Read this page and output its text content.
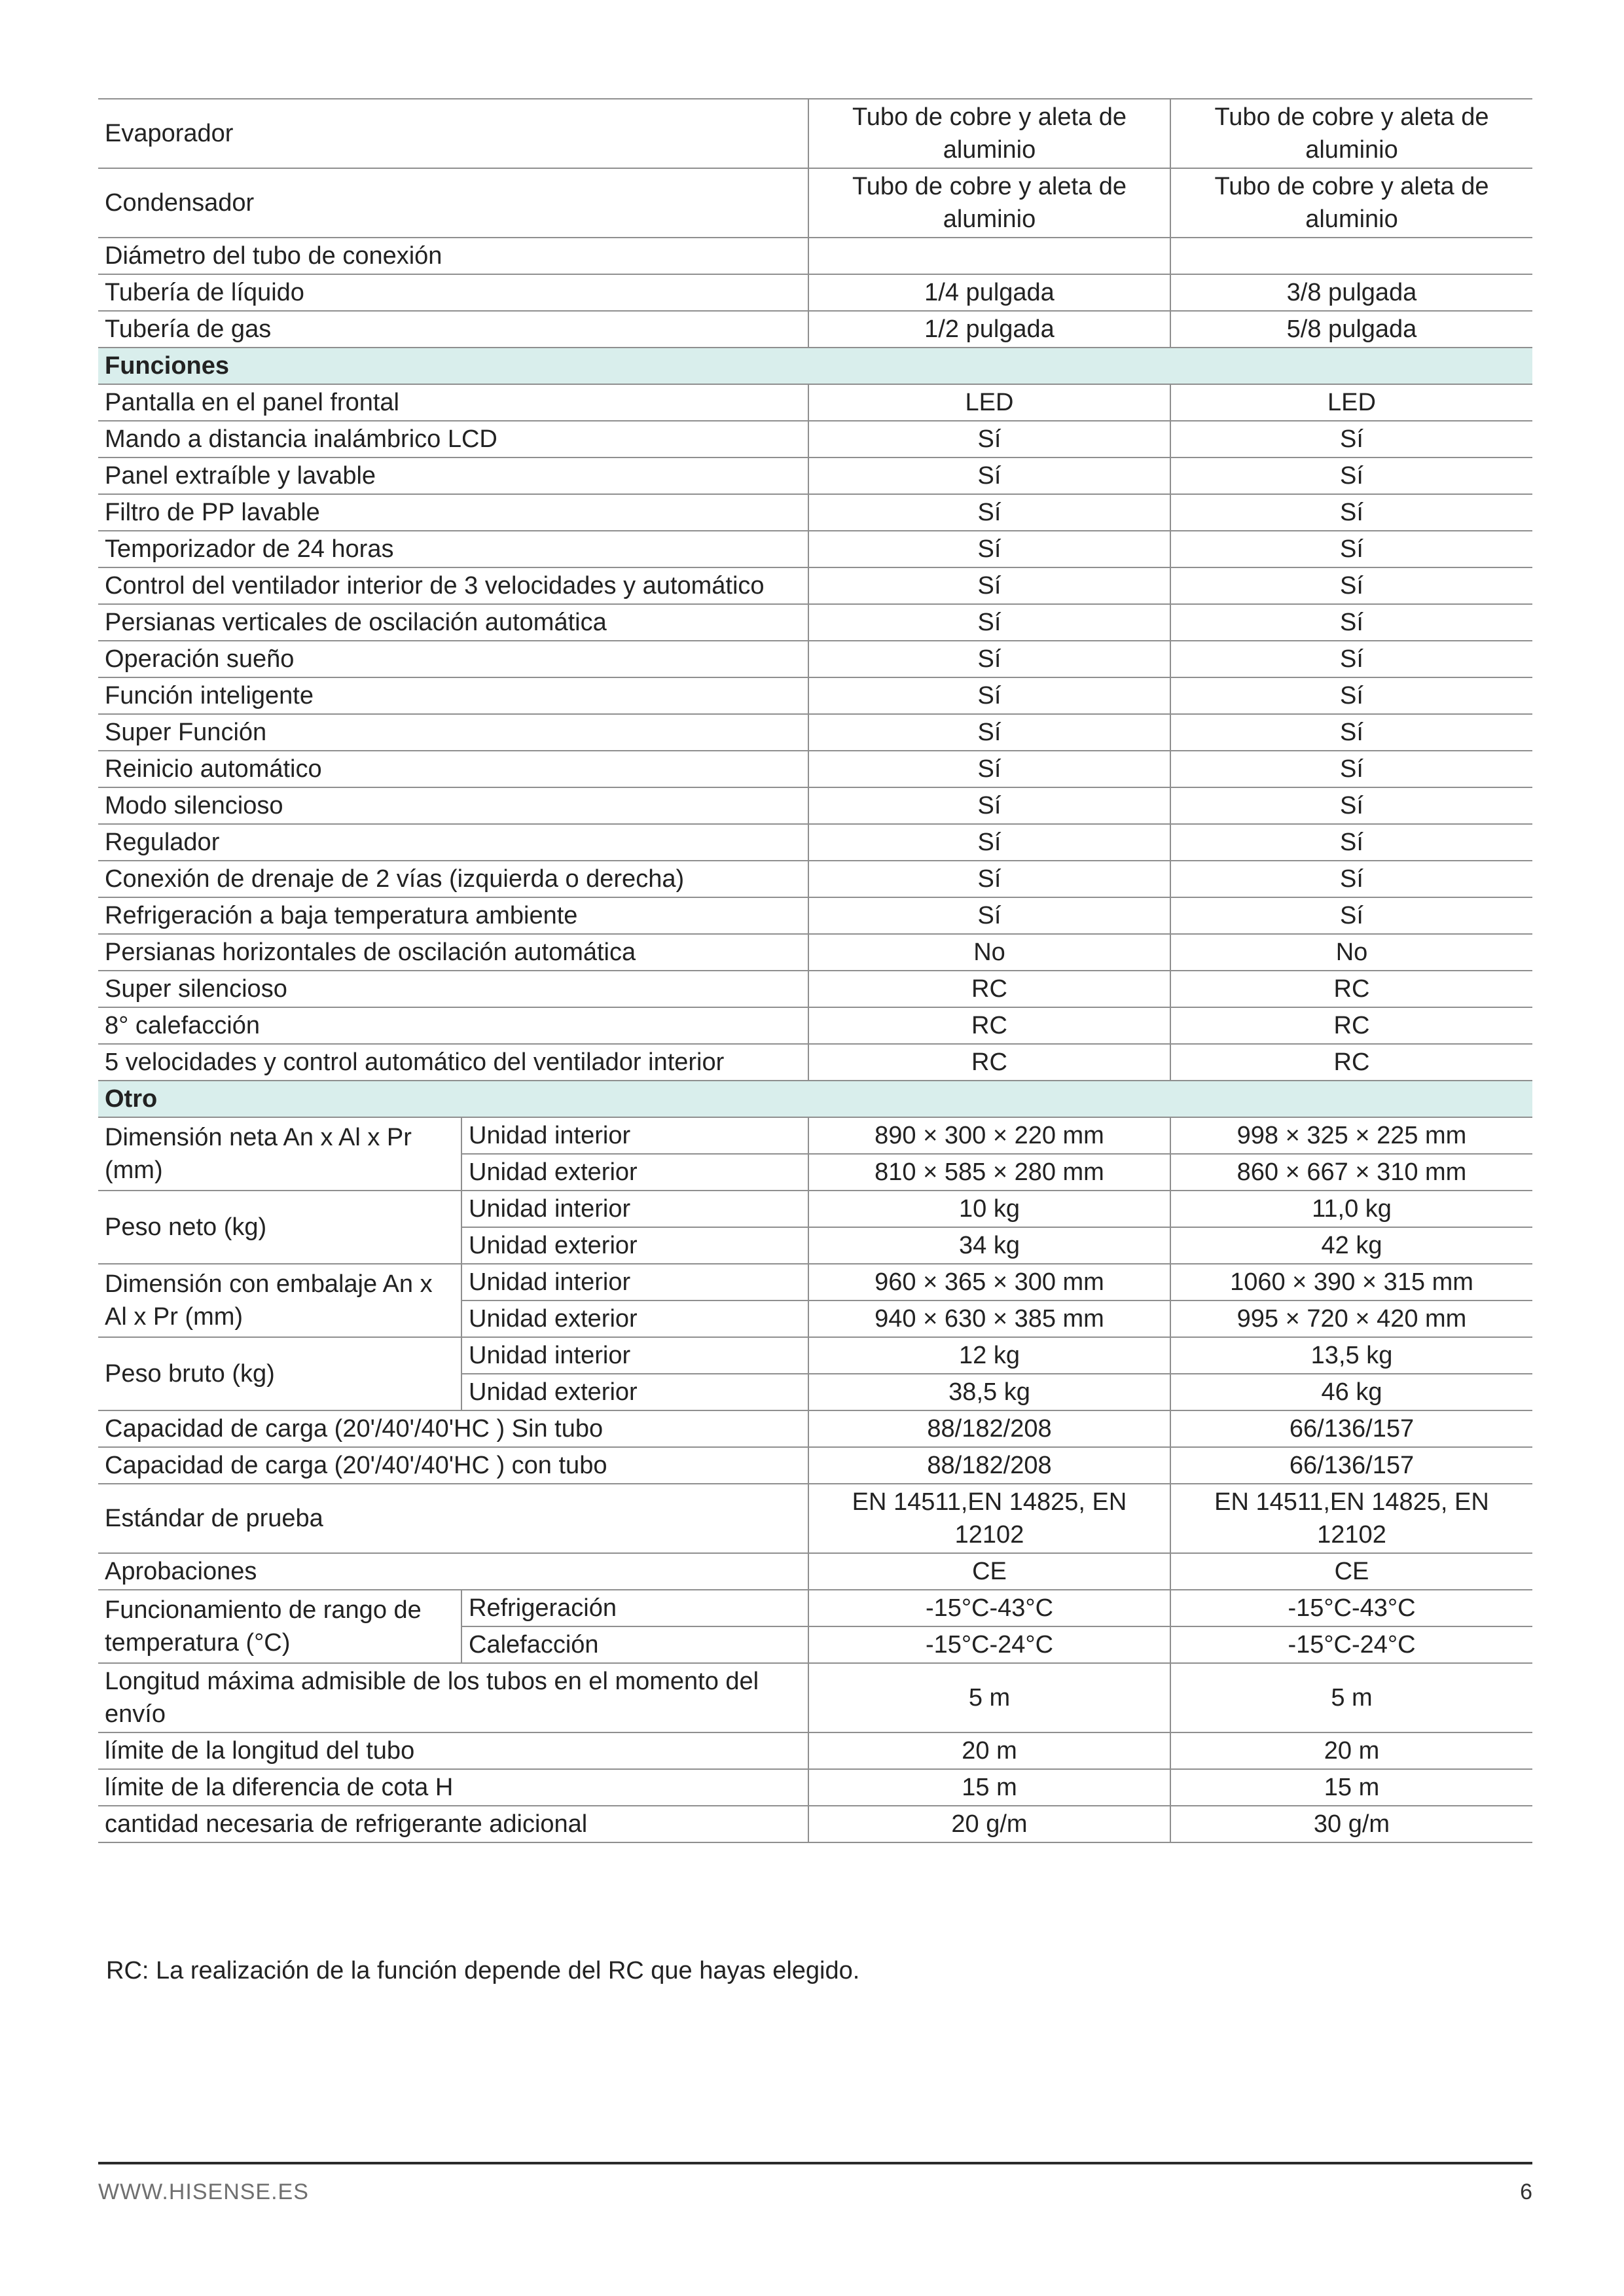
Evaporador		Tubo de cobre y aleta de aluminio	Tubo de cobre y aleta de aluminio
Condensador		Tubo de cobre y aleta de aluminio	Tubo de cobre y aleta de aluminio
Diámetro del tubo de conexión			
Tubería de líquido		1/4 pulgada	3/8 pulgada
Tubería de gas		1/2 pulgada	5/8 pulgada
Funciones			
Pantalla en el panel frontal		LED	LED
Mando a distancia inalámbrico LCD		Sí	Sí
Panel extraíble y lavable		Sí	Sí
Filtro de PP lavable		Sí	Sí
Temporizador de 24 horas		Sí	Sí
Control del ventilador interior de 3 velocidades y automático		Sí	Sí
Persianas verticales de oscilación automática		Sí	Sí
Operación sueño		Sí	Sí
Función inteligente		Sí	Sí
Super Función		Sí	Sí
Reinicio automático		Sí	Sí
Modo silencioso		Sí	Sí
Regulador		Sí	Sí
Conexión de drenaje de 2 vías (izquierda o derecha)		Sí	Sí
Refrigeración a baja temperatura ambiente		Sí	Sí
Persianas horizontales de oscilación automática		No	No
Super silencioso		RC	RC
8° calefacción		RC	RC
5 velocidades y control automático del ventilador interior		RC	RC
Otro			
Dimensión neta An x Al x Pr (mm)	Unidad interior	890 × 300 × 220 mm	998 × 325 × 225 mm
	Unidad exterior	810 × 585 × 280 mm	860 × 667 × 310 mm
Peso neto (kg)	Unidad interior	10 kg	11,0 kg
	Unidad exterior	34 kg	42 kg
Dimensión con embalaje An x Al x Pr (mm)	Unidad interior	960 × 365 × 300 mm	1060 × 390 × 315 mm
	Unidad exterior	940 × 630 × 385 mm	995 × 720 × 420 mm
Peso bruto (kg)	Unidad interior	12 kg	13,5 kg
	Unidad exterior	38,5 kg	46 kg
Capacidad de carga (20'/40'/40'HC ) Sin tubo		88/182/208	66/136/157
Capacidad de carga (20'/40'/40'HC ) con tubo		88/182/208	66/136/157
Estándar de prueba		EN 14511,EN 14825, EN 12102	EN 14511,EN 14825, EN 12102
Aprobaciones		CE	CE
Funcionamiento de rango de temperatura (°C)	Refrigeración	-15°C-43°C	-15°C-43°C
	Calefacción	-15°C-24°C	-15°C-24°C
Longitud máxima admisible de los tubos en el momento del envío		5 m	5 m
límite de la longitud del tubo		20 m	20 m
límite de la diferencia de cota H		15 m	15 m
cantidad necesaria de refrigerante adicional		20 g/m	30 g/m
RC: La realización de la función depende del RC que hayas elegido.
WWW.HISENSE.ES	6
